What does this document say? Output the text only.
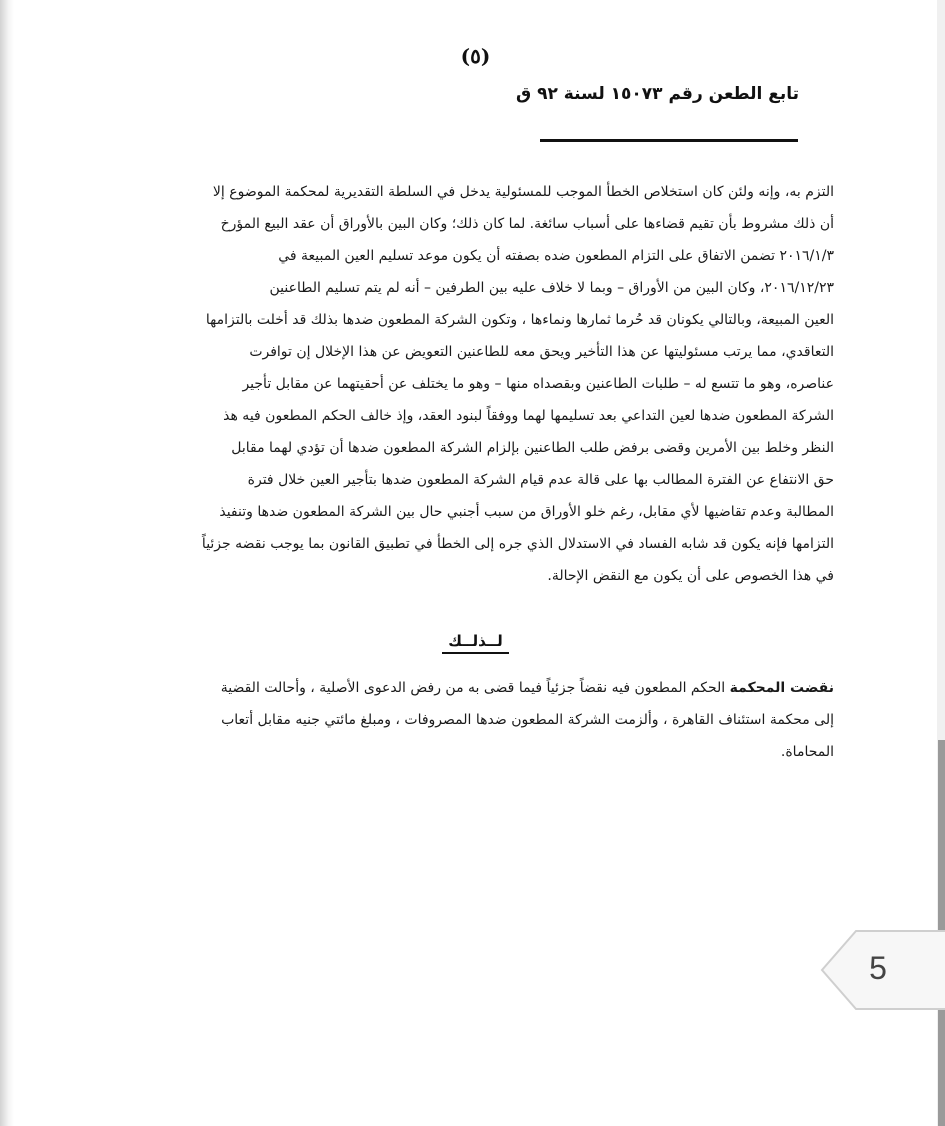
(٥)
تابع الطعن رقم ١٥٠٧٣ لسنة ٩٢ ق
التزم به، وإنه ولئن كان استخلاص الخطأ الموجب للمسئولية يدخل في السلطة التقديرية لمحكمة الموضوع إلا
أن ذلك مشروط بأن تقيم قضاءها على أسباب سائغة. لما كان ذلك؛ وكان البين بالأوراق أن عقد البيع المؤرخ
٢٠١٦/١/٣ تضمن الاتفاق على التزام المطعون ضده بصفته أن يكون موعد تسليم العين المبيعة في
٢٠١٦/١٢/٢٣، وكان البين من الأوراق – وبما لا خلاف عليه بين الطرفين – أنه لم يتم تسليم الطاعنين
العين المبيعة، وبالتالي يكونان قد حُرما ثمارها ونماءها ، وتكون الشركة المطعون ضدها بذلك قد أخلت بالتزامها
التعاقدي، مما يرتب مسئوليتها عن هذا التأخير ويحق معه للطاعنين التعويض عن هذا الإخلال إن توافرت
عناصره، وهو ما تتسع له – طلبات الطاعنين وبقصداه منها – وهو ما يختلف عن أحقيتهما عن مقابل تأجير
الشركة المطعون ضدها لعين التداعي بعد تسليمها لهما ووفقاً لبنود العقد، وإذ خالف الحكم المطعون فيه هذ
النظر وخلط بين الأمرين وقضى برفض طلب الطاعنين بإلزام الشركة المطعون ضدها أن تؤدي لهما مقابل
حق الانتفاع عن الفترة المطالب بها على قالة عدم قيام الشركة المطعون ضدها بتأجير العين خلال فترة
المطالبة وعدم تقاضيها لأي مقابل، رغم خلو الأوراق من سبب أجنبي حال بين الشركة المطعون ضدها وتنفيذ
التزامها فإنه يكون قد شابه الفساد في الاستدلال الذي جره إلى الخطأ في تطبيق القانون بما يوجب نقضه جزئياً
في هذا الخصوص على أن يكون مع النقض الإحالة.
لــذلــك
نقضت المحكمة الحكم المطعون فيه نقضاً جزئياً فيما قضى به من رفض الدعوى الأصلية ، وأحالت القضية
إلى محكمة استئناف القاهرة ، وألزمت الشركة المطعون ضدها المصروفات ، ومبلغ مائتي جنيه مقابل أتعاب
المحاماة.
5
